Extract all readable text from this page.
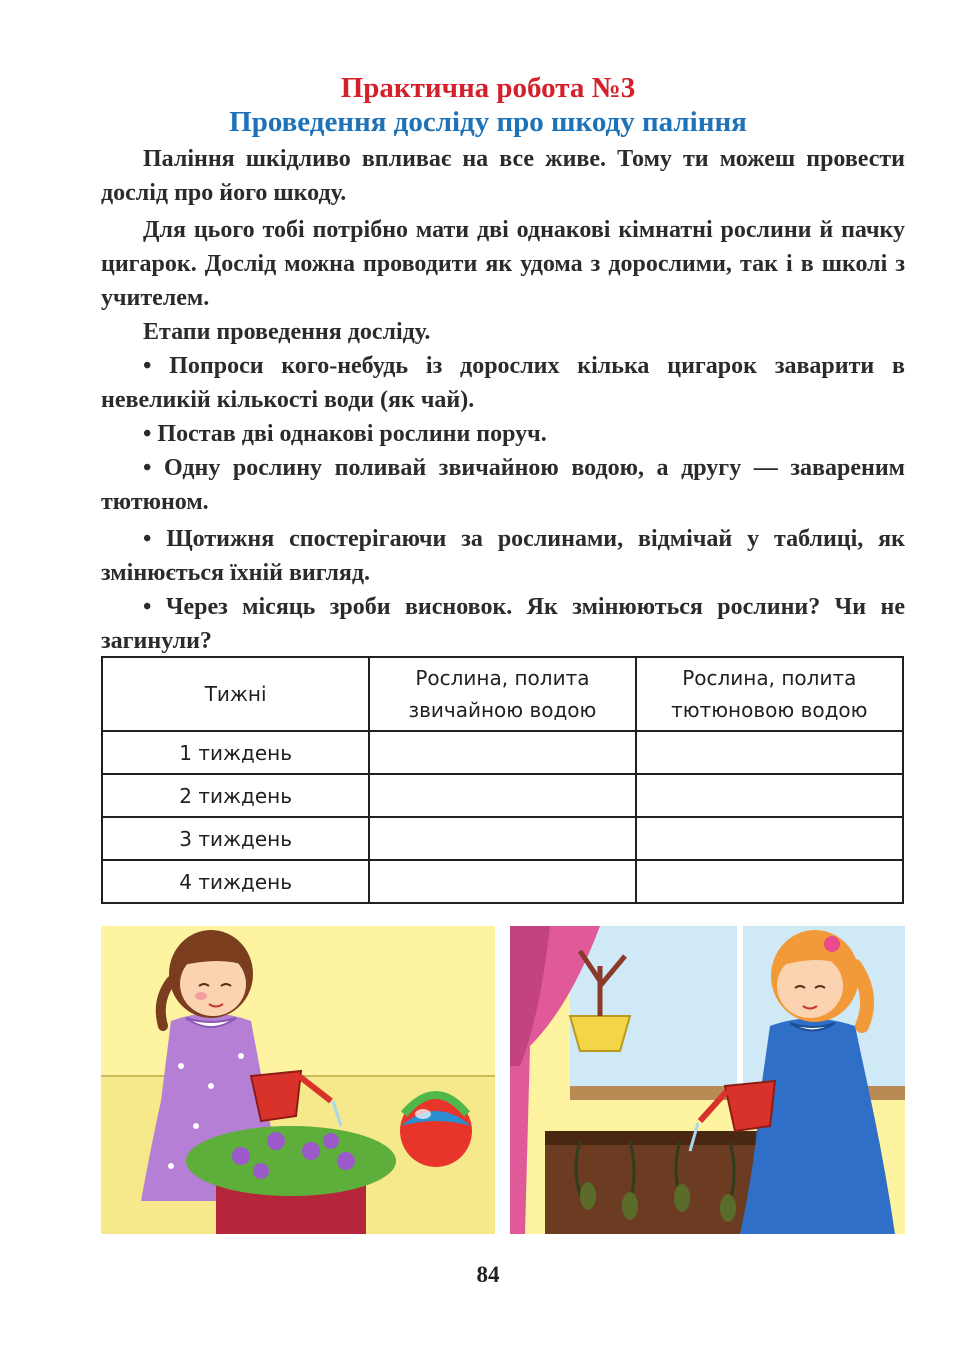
Практична робота №3
Проведення досліду про шкоду паління

Паління шкідливо впливає на все живе. Тому ти можеш провести дослід про його шкоду.

Для цього тобі потрібно мати дві однакові кімнатні рослини й пачку цигарок. Дослід можна проводити як удома з дорослими, так і в школі з учителем.

Етапи проведення досліду.

• Попроси кого-небудь із дорослих кілька цигарок заварити в невеликій кількості води (як чай).

• Постав дві однакові рослини поруч.

• Одну рослину поливай звичайною водою, а другу — завареним тютюном.

• Щотижня спостерігаючи за рослинами, відмічай у таблиці, як змінюється їхній вигляд.

• Через місяць зроби висновок. Як змінюються рослини? Чи не загинули?

Тижні	Рослина, полита звичайною водою	Рослина, полита тютюновою водою
1 тиждень		
2 тиждень		
3 тиждень		
4 тиждень		
84
